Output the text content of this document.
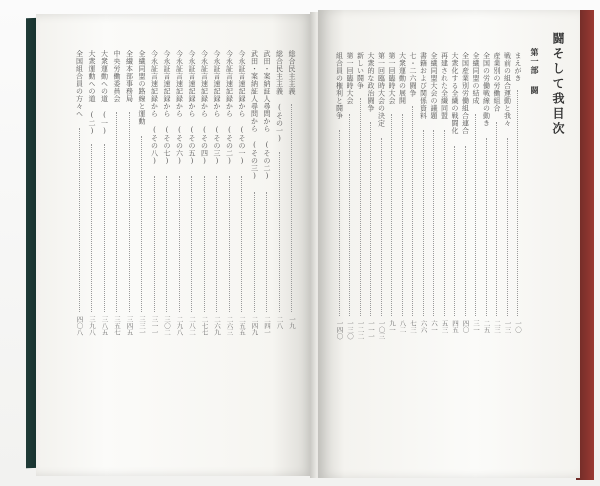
総合民主主義
一九
総合民主主義 (その一)
二八
武田・案納証人尋問から (その二)
二四一
武田・案納証人尋問から (その三)
二四九
今永証言速記録から (その一)
二五五
今永証言速記録から (その二)
二六三
今永証言速記録から (その三)
二六九
今永証言速記録から (その四)
二七七
今永証言速記録から (その五)
二八二
今永証言速記録から (その六)
二九八
今永証言速記録から (その七)
三〇二
今永証言速記録から (その八)
三一一
全繊同盟の路線と運動
三三一
全繊本部事務局
三四五
中央労働委員会
三五七
大衆運動への道 (一)
三八五
大衆運動への道 (二)
三九八
全国組合員の方々へ
四〇八
闘そして我目次
第一部 闘
まえがき
一〇
戦前の組合運動と我々
一三
産業別の労働組合
二三
全国の労働戦線の動き
二五
全繊同盟の結成
三一
全国産業別労働組合連合
四〇
大衆化する全繊の戦闘化
四五
再建された全繊同盟
五三
全繊同盟大会の議題
六一
書籍および関係資料
六六
七・二六闘争
七三
大衆運動の展開
八二
第一回臨時大会
九一
第一回臨時大会の決定
一〇三
大衆的な政治闘争
一一一
新しい闘争
一二二
第一回臨時大会
一三〇
組合員の権利と闘争
一四〇
